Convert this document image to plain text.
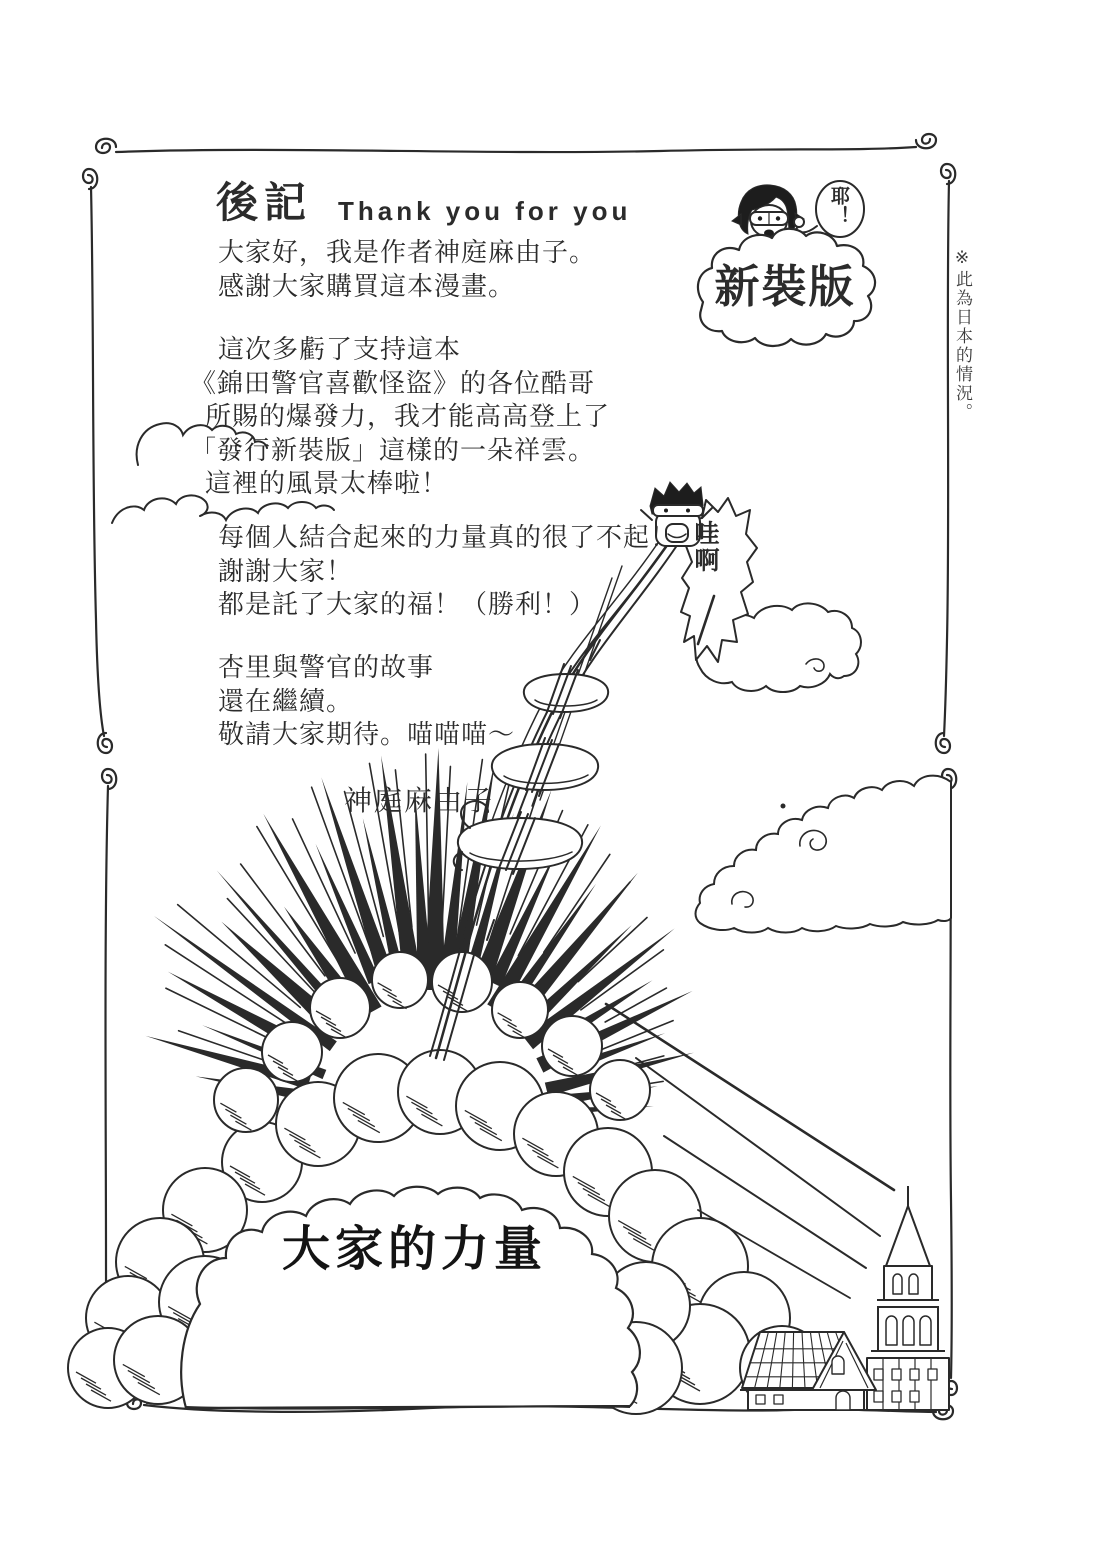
後記 Thank you for you
大家好，我是作者神庭麻由子。
感謝大家購買這本漫畫。
這次多虧了支持這本
《錦田警官喜歡怪盜》的各位酷哥
所賜的爆發力，我才能高高登上了
「發行新裝版」這樣的一朵祥雲。
這裡的風景太棒啦！
每個人結合起來的力量真的很了不起！
謝謝大家！
都是託了大家的福！（勝利！）
杏里與警官的故事
還在繼續。
敬請大家期待。喵喵喵～
神庭麻由子
新裝版
耶！
哇啊
※此為日本的情況。
大家的力量
